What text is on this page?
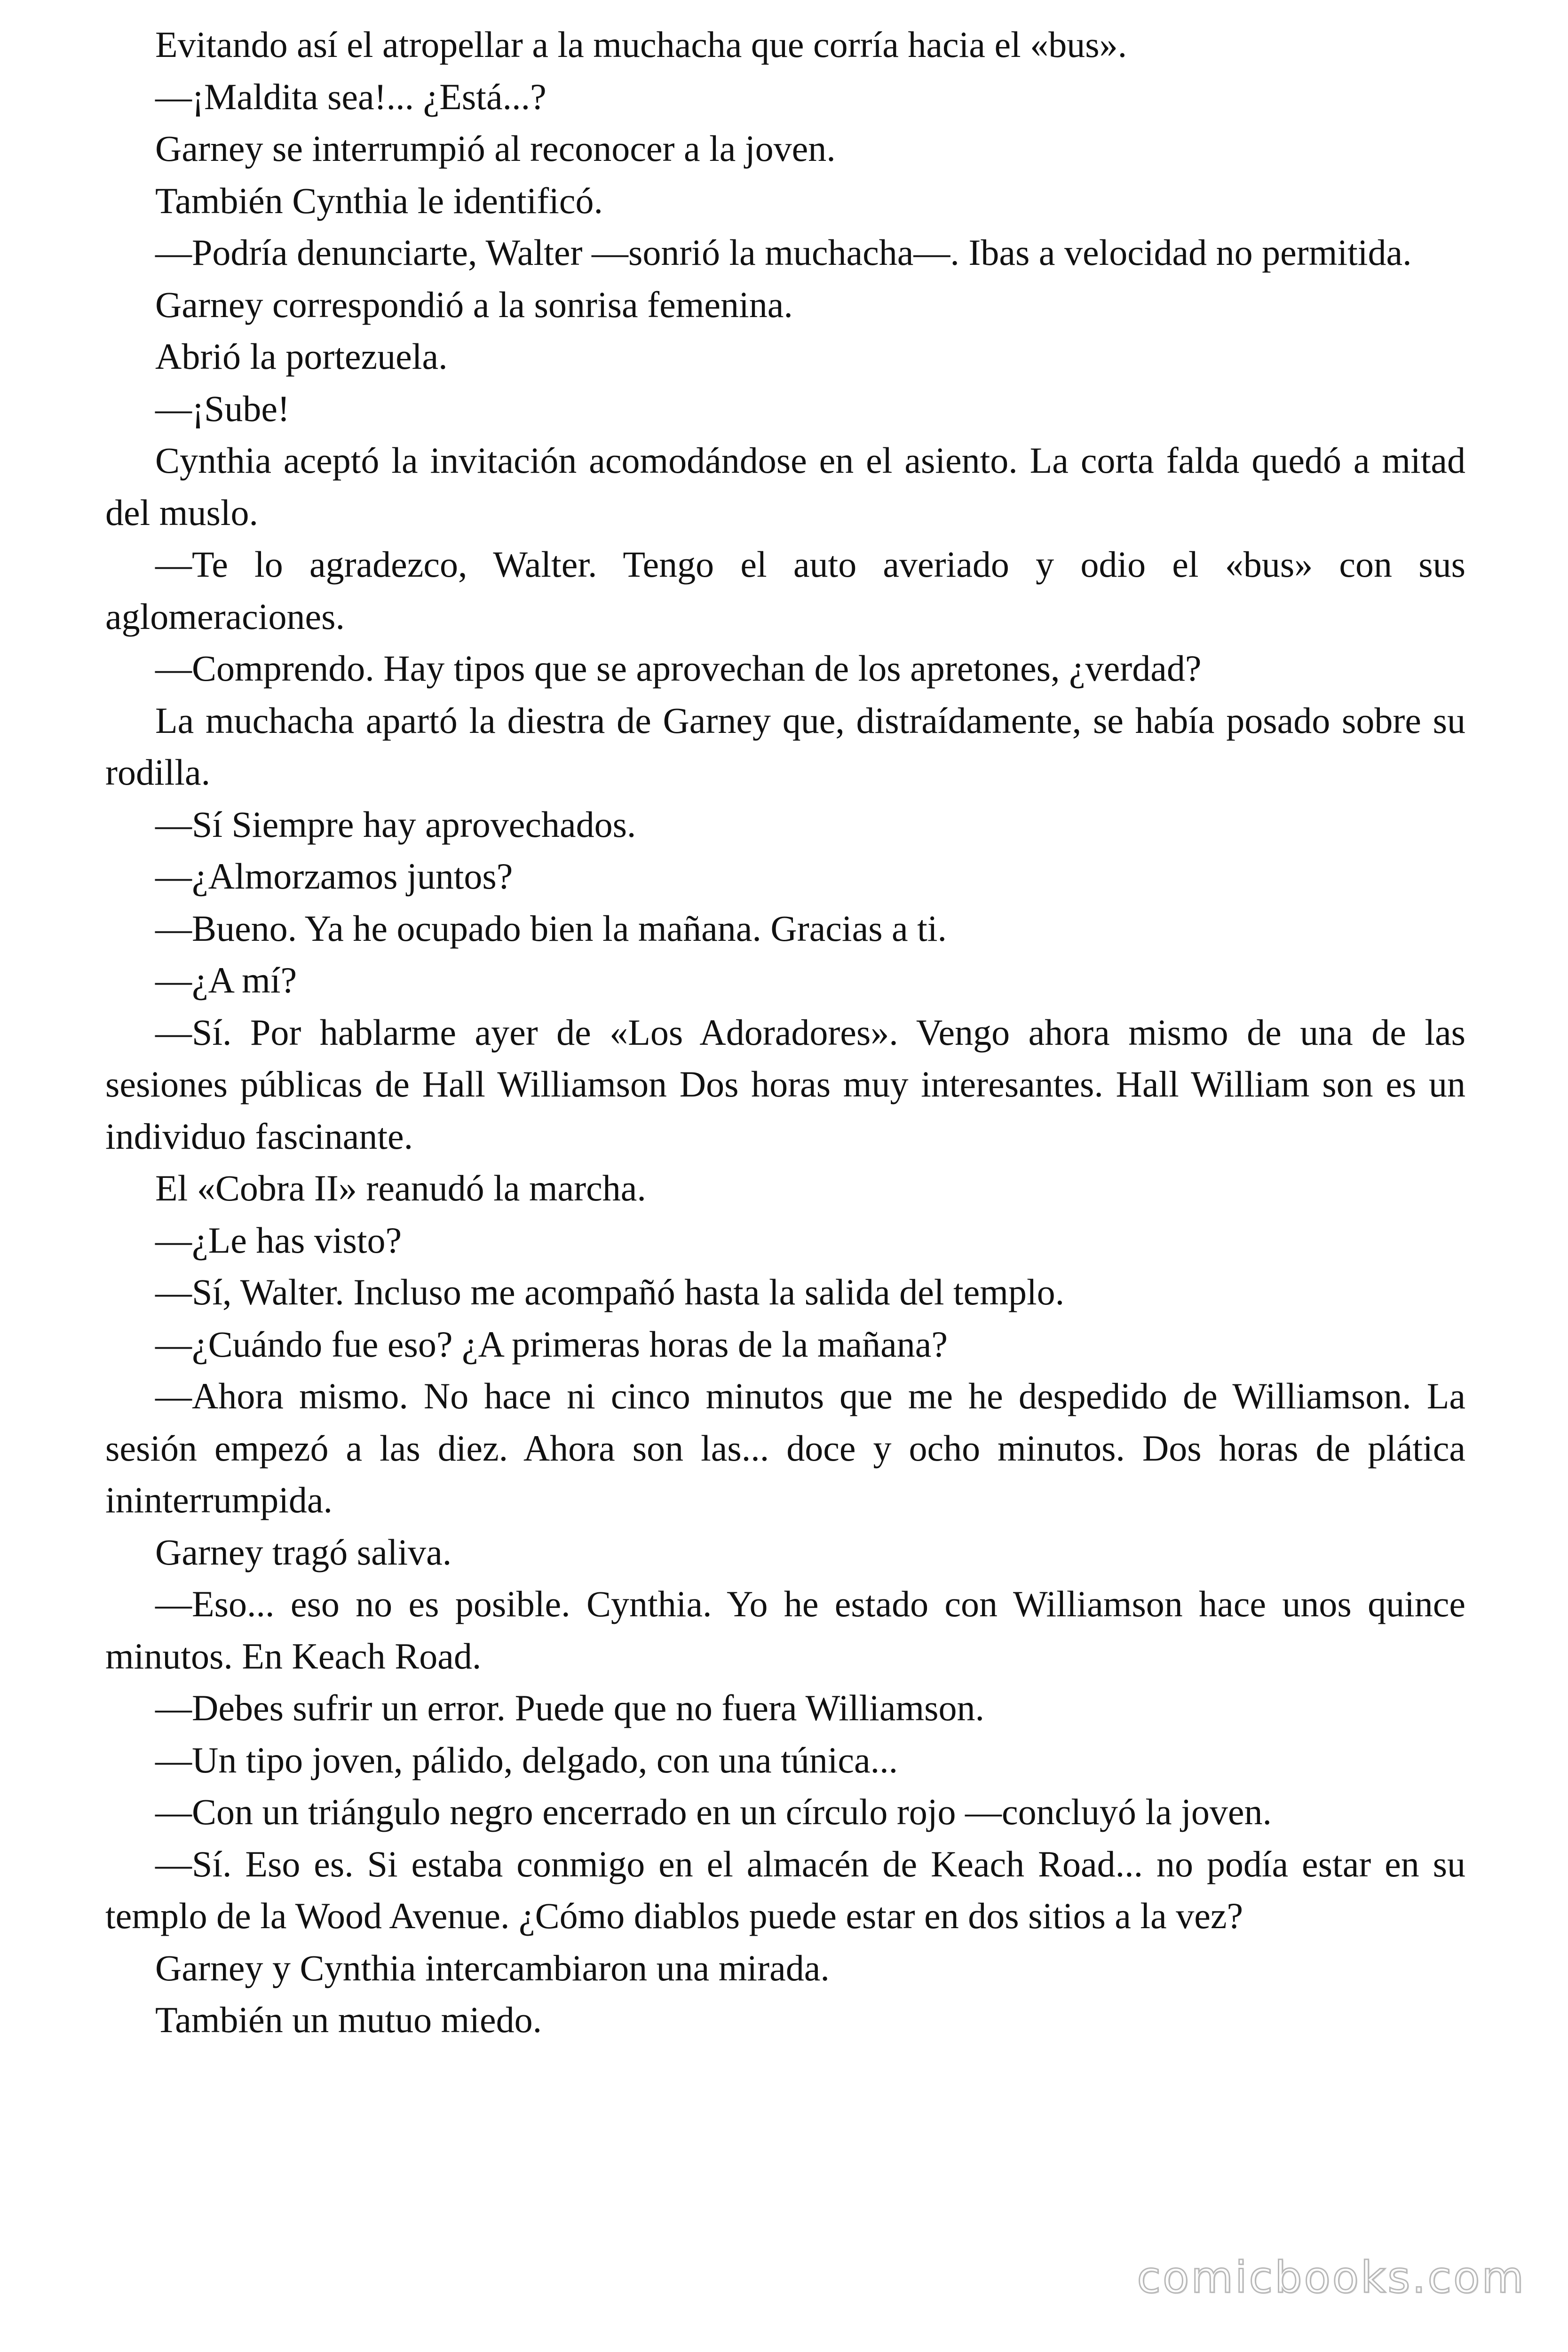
Evitando así el atropellar a la muchacha que corría hacia el «bus».

—¡Maldita sea!... ¿Está...?

Garney se interrumpió al reconocer a la joven.

También Cynthia le identificó.

—Podría denunciarte, Walter —sonrió la muchacha—. Ibas a velocidad no permitida.

Garney correspondió a la sonrisa femenina.

Abrió la portezuela.

—¡Sube!

Cynthia aceptó la invitación acomodándose en el asiento. La corta falda quedó a mitad del muslo.

—Te lo agradezco, Walter. Tengo el auto averiado y odio el «bus» con sus aglomeraciones.

—Comprendo. Hay tipos que se aprovechan de los apretones, ¿verdad?

La muchacha apartó la diestra de Garney que, distraídamente, se había posado sobre su rodilla.

—Sí Siempre hay aprovechados.

—¿Almorzamos juntos?

—Bueno. Ya he ocupado bien la mañana. Gracias a ti.

—¿A mí?

—Sí. Por hablarme ayer de «Los Adoradores». Vengo ahora mismo de una de las sesiones públicas de Hall Williamson Dos horas muy interesantes. Hall William son es un individuo fascinante.

El «Cobra II» reanudó la marcha.

—¿Le has visto?

—Sí, Walter. Incluso me acompañó hasta la salida del templo.

—¿Cuándo fue eso? ¿A primeras horas de la mañana?

—Ahora mismo. No hace ni cinco minutos que me he despedido de Williamson. La sesión empezó a las diez. Ahora son las... doce y ocho minutos. Dos horas de plática ininterrumpida.

Garney tragó saliva.

—Eso... eso no es posible. Cynthia. Yo he estado con Williamson hace unos quince minutos. En Keach Road.

—Debes sufrir un error. Puede que no fuera Williamson.

—Un tipo joven, pálido, delgado, con una túnica...

—Con un triángulo negro encerrado en un círculo rojo —concluyó la joven.

—Sí. Eso es. Si estaba conmigo en el almacén de Keach Road... no podía estar en su templo de la Wood Avenue. ¿Cómo diablos puede estar en dos sitios a la vez?

Garney y Cynthia intercambiaron una mirada.

También un mutuo miedo.

comicbooks.com
